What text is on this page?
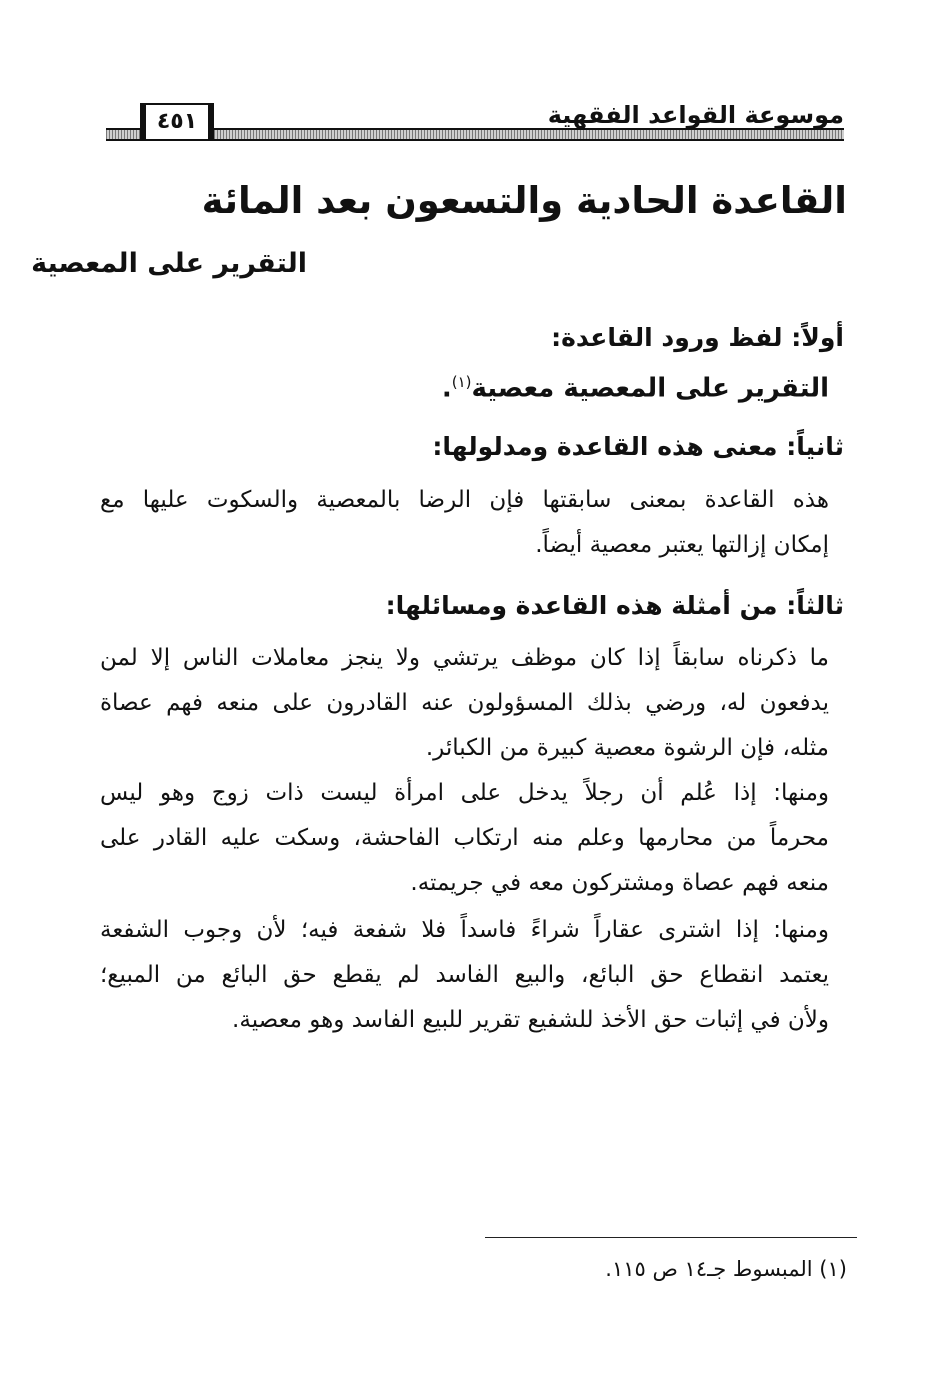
موسوعة القواعد الفقهية
٤٥١
القاعدة الحادية والتسعون بعد المائة
التقرير على المعصية
أولاً: لفظ ورود القاعدة:
التقرير على المعصية معصية$^{(١)}$.
ثانياً: معنى هذه القاعدة ومدلولها:
هذه القاعدة بمعنى سابقتها فإن الرضا بالمعصية والسكوت عليها مع
إمكان إزالتها يعتبر معصية أيضاً.
ثالثاً: من أمثلة هذه القاعدة ومسائلها:
ما ذكرناه سابقاً إذا كان موظف يرتشي ولا ينجز معاملات الناس إلا لمن
يدفعون له، ورضي بذلك المسؤولون عنه القادرون على منعه فهم عصاة
مثله، فإن الرشوة معصية كبيرة من الكبائر.
ومنها: إذا عُلم أن رجلاً يدخل على امرأة ليست ذات زوج وهو ليس
محرماً من محارمها وعلم منه ارتكاب الفاحشة، وسكت عليه القادر على
منعه فهم عصاة ومشتركون معه في جريمته.
ومنها: إذا اشترى عقاراً شراءً فاسداً فلا شفعة فيه؛ لأن وجوب الشفعة
يعتمد انقطاع حق البائع، والبيع الفاسد لم يقطع حق البائع من المبيع؛
ولأن في إثبات حق الأخذ للشفيع تقرير للبيع الفاسد وهو معصية.
(١) المبسوط جـ١٤ ص ١١٥.
